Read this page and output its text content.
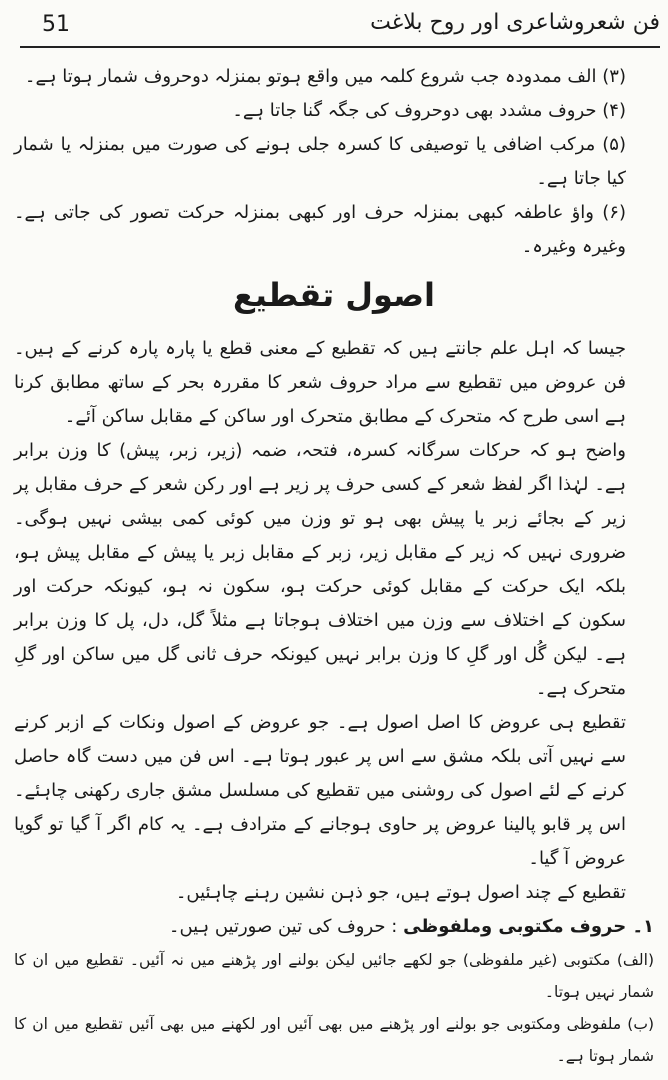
فن شعروشاعری اور روح بلاغت
51

(۳) الف ممدودہ جب شروع کلمہ میں واقع ہوتو بمنزلہ دوحروف شمار ہوتا ہے۔

(۴) حروف مشدد بھی دوحروف کی جگہ گنا جاتا ہے۔

(۵) مرکب اضافی یا توصیفی کا کسرہ جلی ہونے کی صورت میں بمنزلہ یا شمار کیا جاتا ہے۔

(۶) واؤ عاطفہ کبھی بمنزلہ حرف اور کبھی بمنزلہ حرکت تصور کی جاتی ہے۔ وغیرہ وغیرہ۔

اصول تقطیع

جیسا کہ اہل علم جانتے ہیں کہ تقطیع کے معنی قطع یا پارہ پارہ کرنے کے ہیں۔ فن عروض میں تقطیع سے مراد حروف شعر کا مقررہ بحر کے ساتھ مطابق کرنا ہے اسی طرح کہ متحرک کے مطابق متحرک اور ساکن کے مقابل ساکن آئے۔

واضح ہو کہ حرکات سرگانہ کسرہ، فتحہ، ضمہ (زیر، زبر، پیش) کا وزن برابر ہے۔ لہٰذا اگر لفظ شعر کے کسی حرف پر زیر ہے اور رکن شعر کے حرف مقابل پر زیر کے بجائے زبر یا پیش بھی ہو تو وزن میں کوئی کمی بیشی نہیں ہوگی۔ ضروری نہیں کہ زیر کے مقابل زیر، زبر کے مقابل زبر یا پیش کے مقابل پیش ہو، بلکہ ایک حرکت کے مقابل کوئی حرکت ہو، سکون نہ ہو، کیونکہ حرکت اور سکون کے اختلاف سے وزن میں اختلاف ہوجاتا ہے مثلاً گل، دل، پل کا وزن برابر ہے۔ لیکن گُل اور گلِ کا وزن برابر نہیں کیونکہ حرف ثانی گل میں ساکن اور گلِ متحرک ہے۔

تقطیع ہی عروض کا اصل اصول ہے۔ جو عروض کے اصول ونکات کے ازبر کرنے سے نہیں آتی بلکہ مشق سے اس پر عبور ہوتا ہے۔ اس فن میں دست گاہ حاصل کرنے کے لئے اصول کی روشنی میں تقطیع کی مسلسل مشق جاری رکھنی چاہئے۔ اس پر قابو پالینا عروض پر حاوی ہوجانے کے مترادف ہے۔ یہ کام اگر آ گیا تو گویا عروض آ گیا۔

تقطیع کے چند اصول ہوتے ہیں، جو ذہن نشین رہنے چاہئیں۔

۱۔ حروف مکتوبی وملفوظی : حروف کی تین صورتیں ہیں۔

(الف) مکتوبی (غیر ملفوظی) جو لکھے جائیں لیکن بولنے اور پڑھنے میں نہ آئیں۔ تقطیع میں ان کا شمار نہیں ہوتا۔

(ب) ملفوظی ومکتوبی جو بولنے اور پڑھنے میں بھی آئیں اور لکھنے میں بھی آئیں تقطیع میں ان کا شمار ہوتا ہے۔
